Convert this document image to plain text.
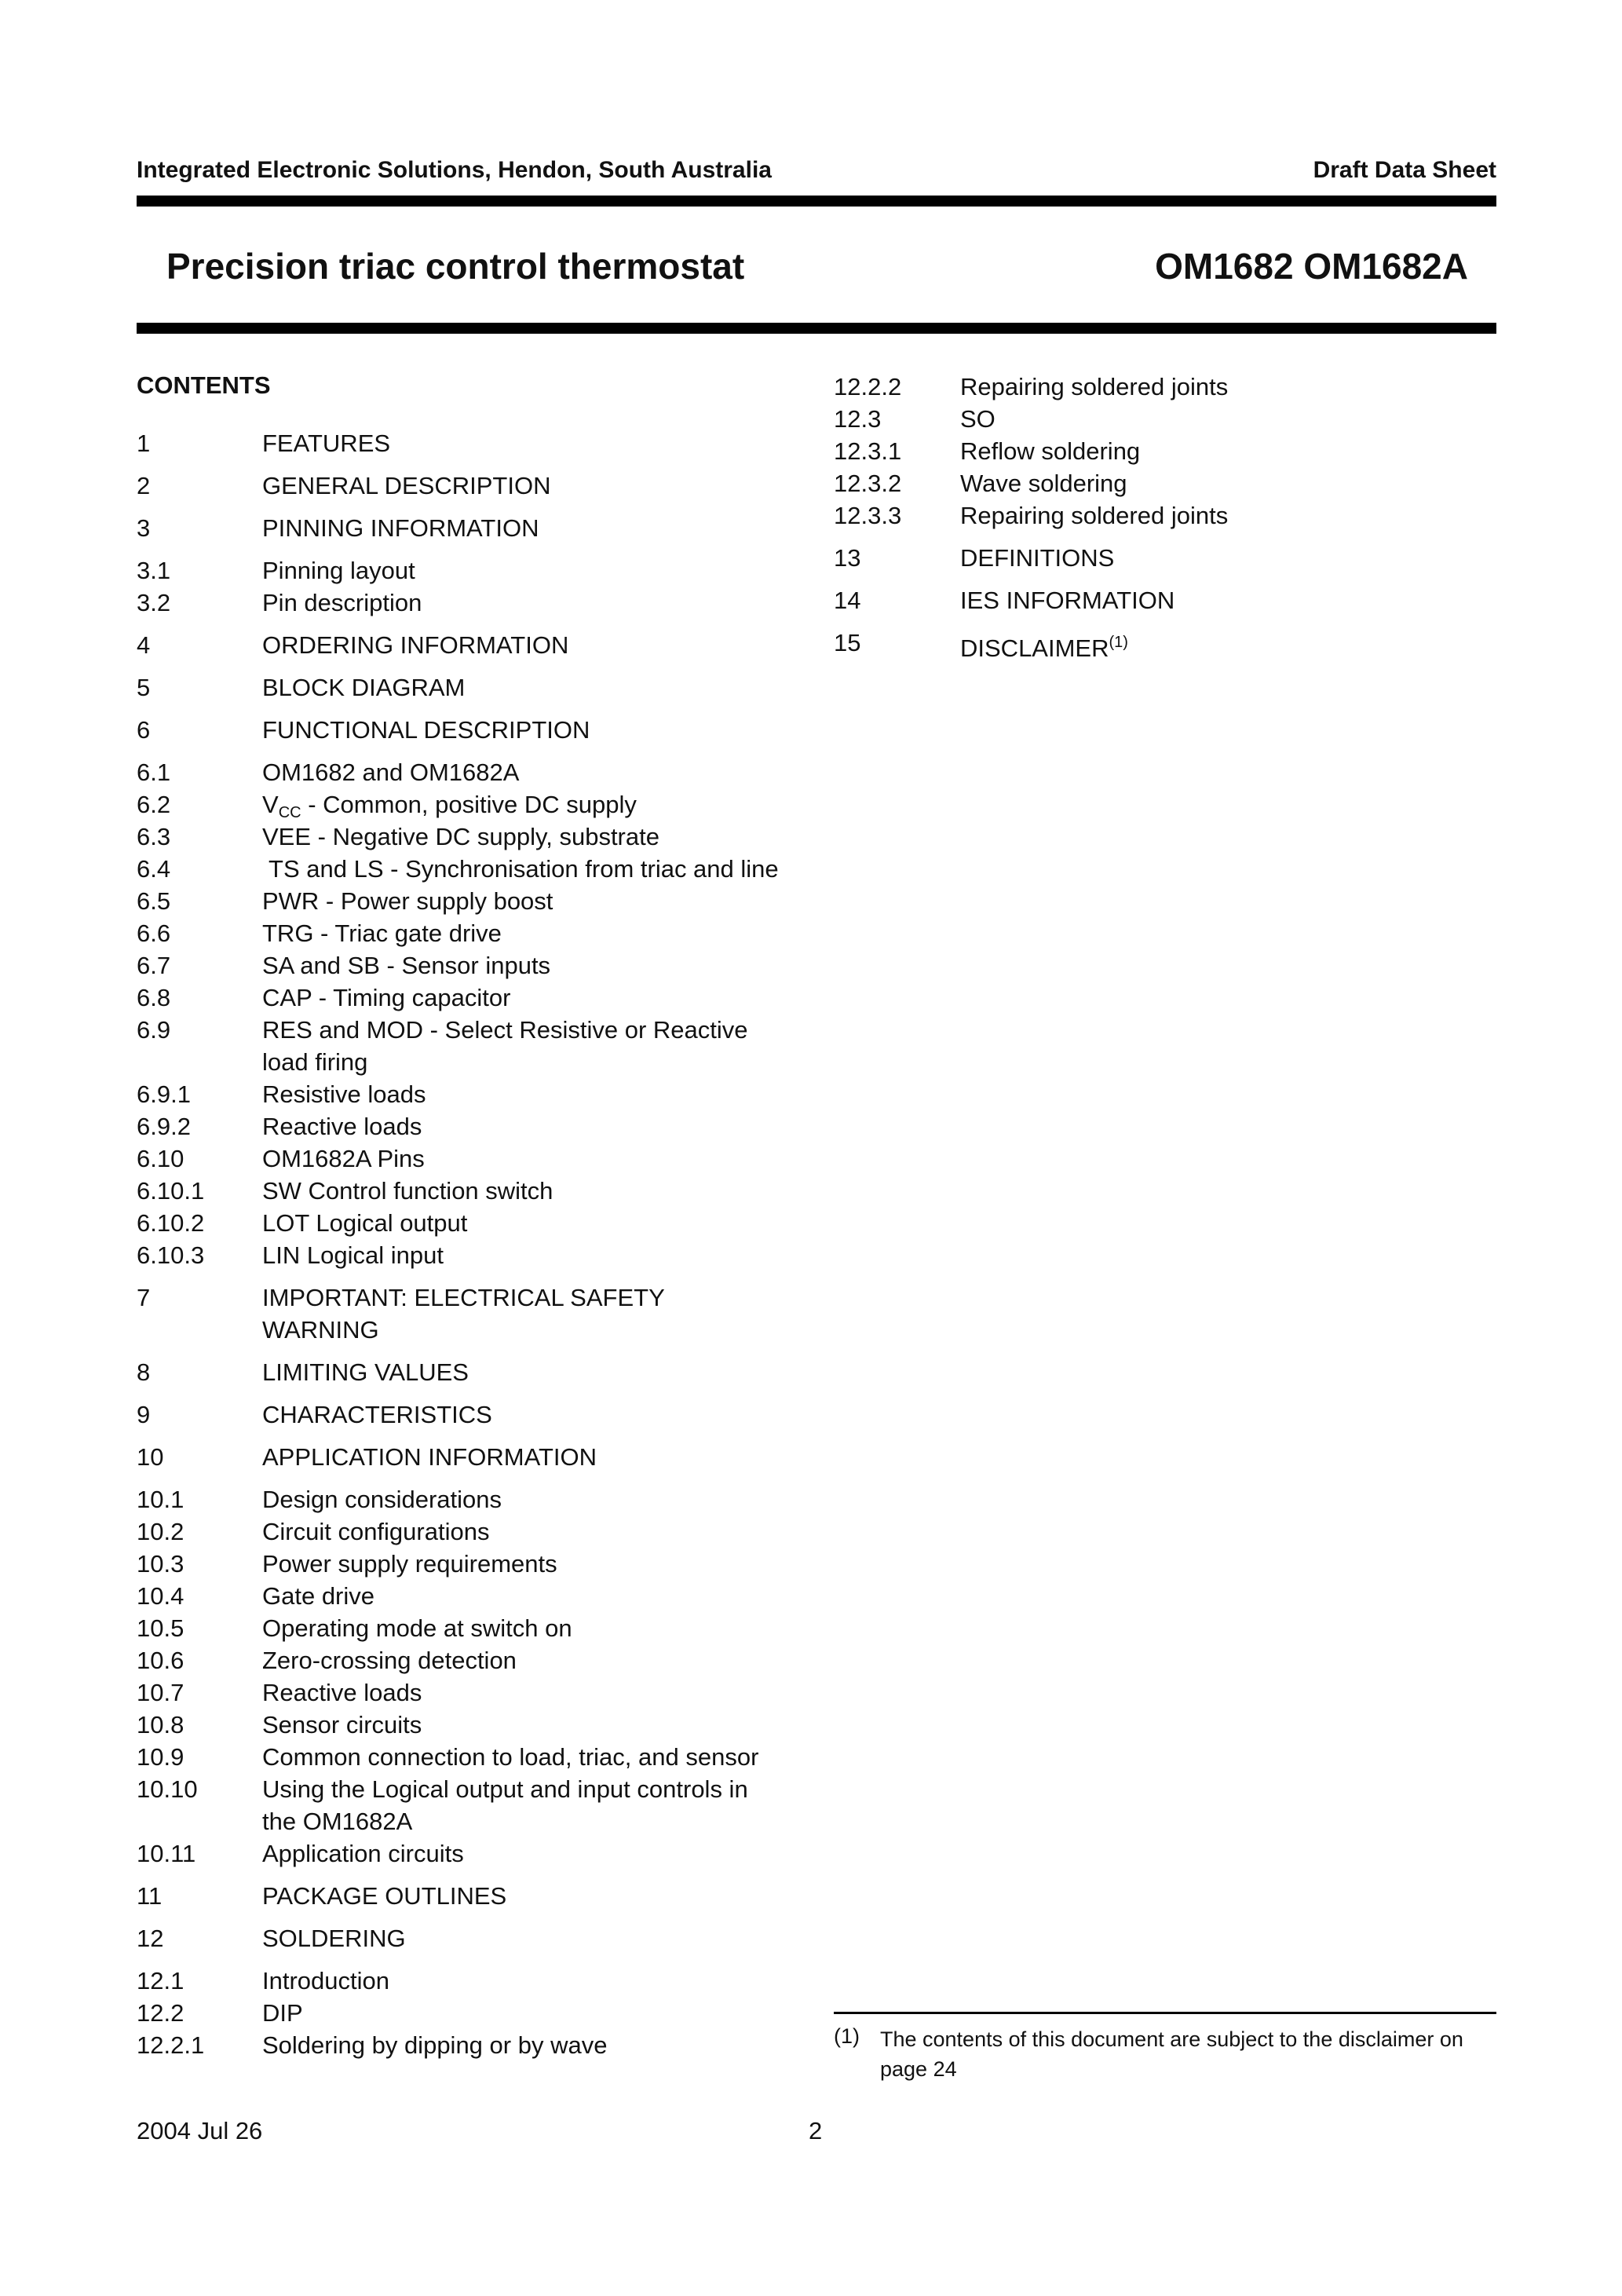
Integrated Electronic Solutions, Hendon, South Australia	Draft Data Sheet
Precision triac control thermostat	OM1682 OM1682A
CONTENTS
1	FEATURES
2	GENERAL DESCRIPTION
3	PINNING INFORMATION
3.1	Pinning layout
3.2	Pin description
4	ORDERING INFORMATION
5	BLOCK DIAGRAM
6	FUNCTIONAL DESCRIPTION
6.1	OM1682 and OM1682A
6.2	$V_{CC}$ - Common, positive DC supply
6.3	VEE - Negative DC supply, substrate
6.4	TS and LS - Synchronisation from triac and line
6.5	PWR - Power supply boost
6.6	TRG - Triac gate drive
6.7	SA and SB - Sensor inputs
6.8	CAP - Timing capacitor
6.9	RES and MOD - Select Resistive or Reactive
load firing
6.9.1	Resistive loads
6.9.2	Reactive loads
6.10	OM1682A Pins
6.10.1 SW Control function switch
6.10.2 LOT Logical output
6.10.3 LIN Logical input
7	IMPORTANT: ELECTRICAL SAFETY
WARNING
8	LIMITING VALUES
9	CHARACTERISTICS
10	APPLICATION INFORMATION
10.1	Design considerations
10.2	Circuit configurations
10.3	Power supply requirements
10.4	Gate drive
10.5	Operating mode at switch on
10.6	Zero-crossing detection
10.7	Reactive loads
10.8	Sensor circuits
10.9	Common connection to load, triac, and sensor
10.10	Using the Logical output and input controls in
the OM1682A
10.11	Application circuits
11	PACKAGE OUTLINES
12	SOLDERING
12.1	Introduction
12.2	DIP
12.2.1 Soldering by dipping or by wave
12.2.2 Repairing soldered joints
12.3	SO
12.3.1 Reflow soldering
12.3.2 Wave soldering
12.3.3 Repairing soldered joints
13	DEFINITIONS
14	IES INFORMATION
15	DISCLAIMER$^{(1)}$
(1) The contents of this document are subject to the disclaimer on page 24
2004 Jul 26	2
